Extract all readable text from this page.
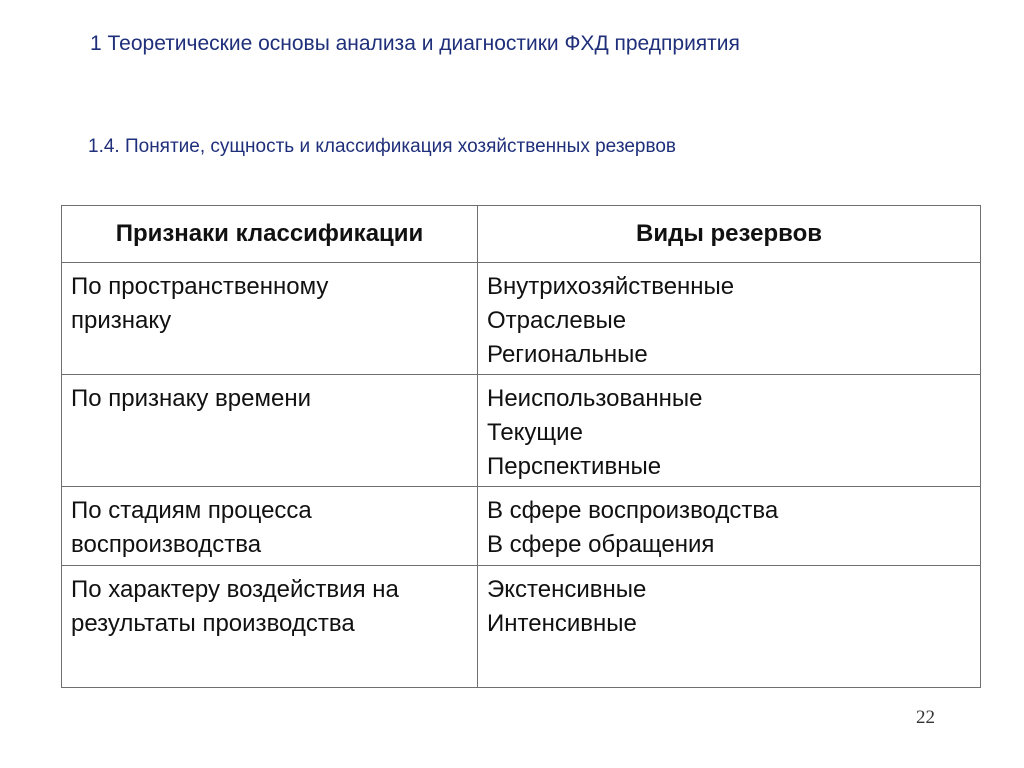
1 Теоретические основы анализа и диагностики ФХД предприятия
1.4. Понятие, сущность и классификация хозяйственных резервов
Признаки классификации	Виды резервов

По пространственному
признаку	Внутрихозяйственные
Отраслевые
Региональные

По признаку времени	Неиспользованные
Текущие
Перспективные

По стадиям процесса
воспроизводства	В сфере воспроизводства
В сфере обращения

По характеру воздействия на
результаты производства	Экстенсивные
Интенсивные
22
